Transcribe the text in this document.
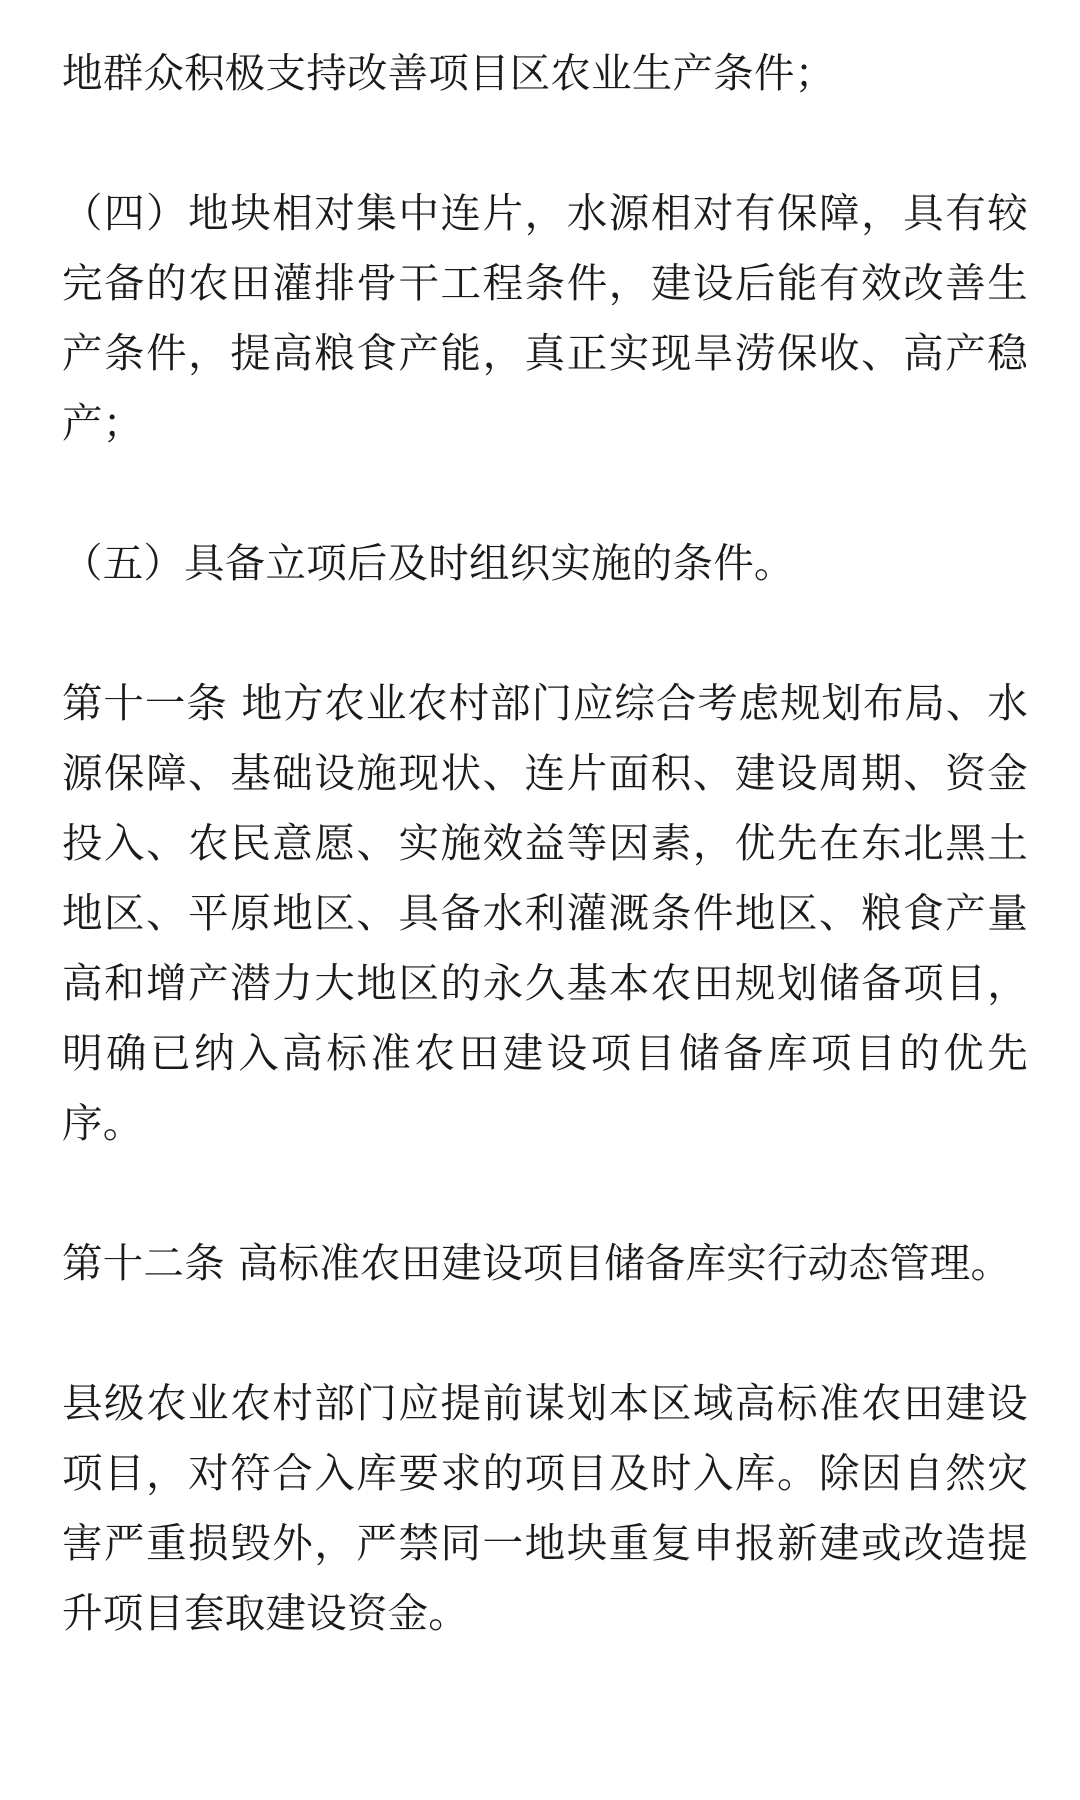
地群众积极支持改善项目区农业生产条件；

（四）地块相对集中连片，水源相对有保障，具有较完备的农田灌排骨干工程条件，建设后能有效改善生产条件，提高粮食产能，真正实现旱涝保收、高产稳产；

（五）具备立项后及时组织实施的条件。

第十一条 地方农业农村部门应综合考虑规划布局、水源保障、基础设施现状、连片面积、建设周期、资金投入、农民意愿、实施效益等因素，优先在东北黑土地区、平原地区、具备水利灌溉条件地区、粮食产量高和增产潜力大地区的永久基本农田规划储备项目，明确已纳入高标准农田建设项目储备库项目的优先序。

第十二条 高标准农田建设项目储备库实行动态管理。

县级农业农村部门应提前谋划本区域高标准农田建设项目，对符合入库要求的项目及时入库。除因自然灾害严重损毁外，严禁同一地块重复申报新建或改造提升项目套取建设资金。
